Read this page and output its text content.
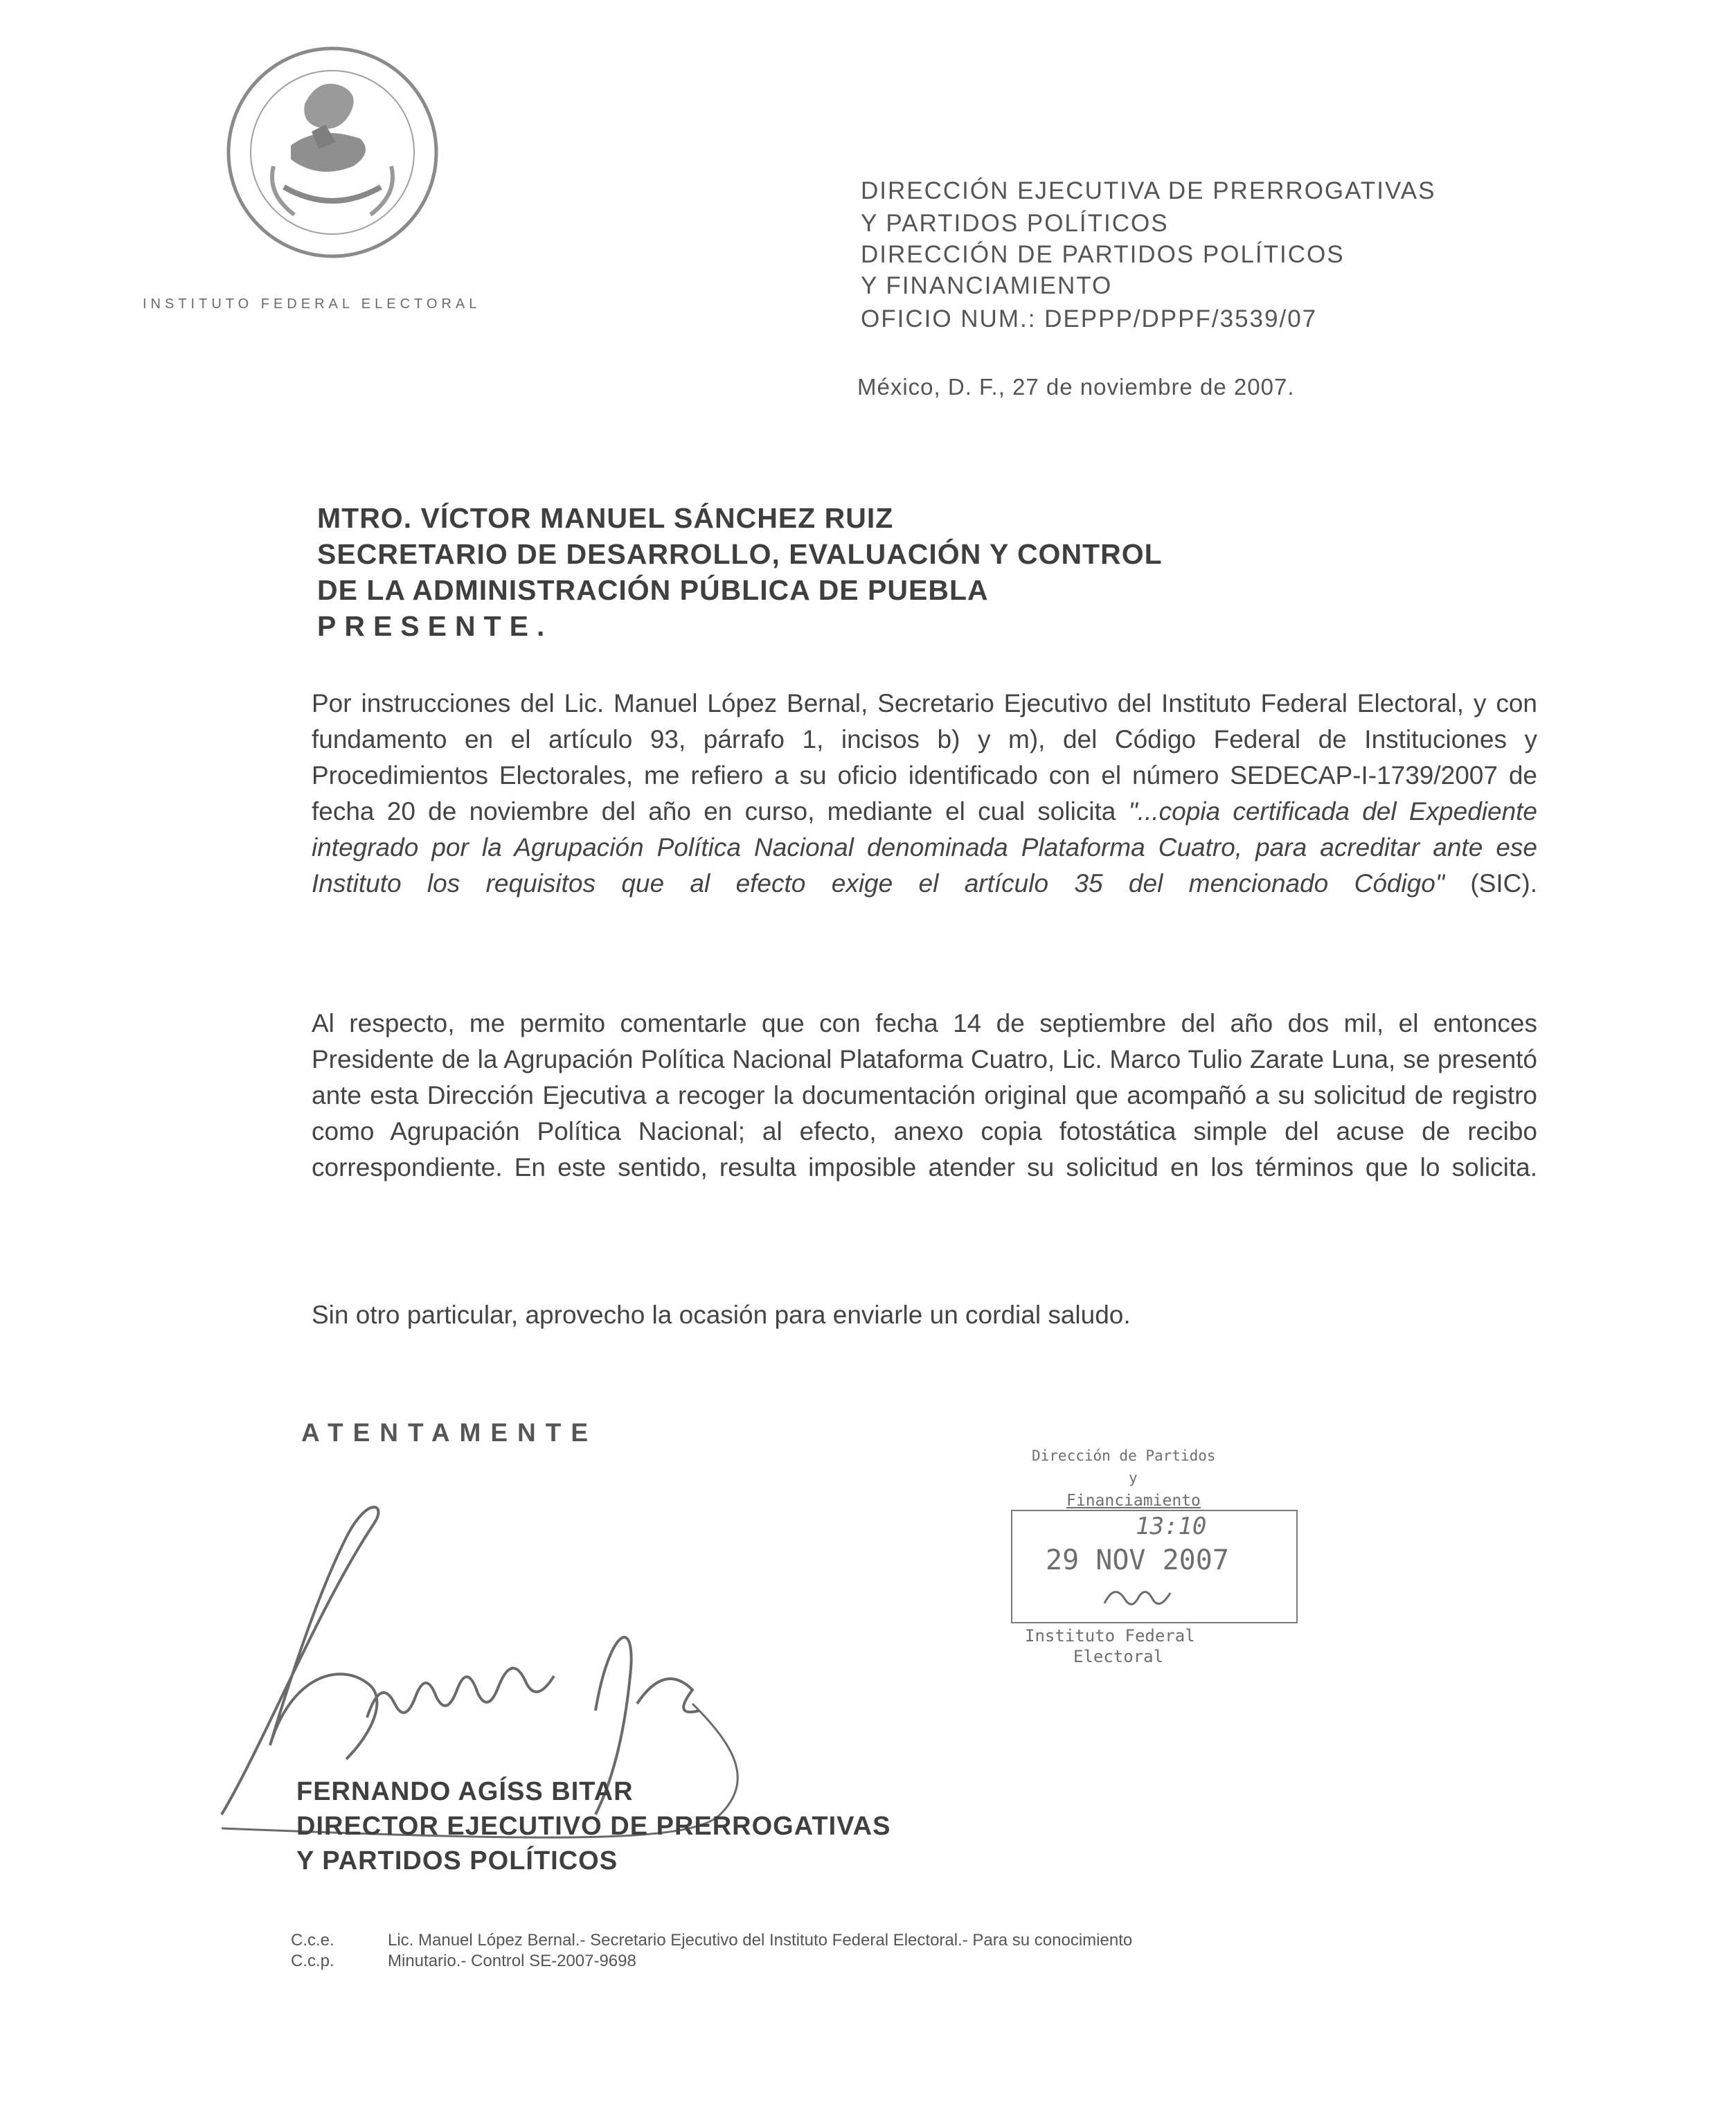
INSTITUTO FEDERAL ELECTORAL
DIRECCIÓN EJECUTIVA DE PRERROGATIVAS
Y PARTIDOS POLÍTICOS
DIRECCIÓN DE PARTIDOS POLÍTICOS
Y FINANCIAMIENTO
OFICIO NUM.: DEPPP/DPPF/3539/07
México, D. F., 27 de noviembre de 2007.
MTRO. VÍCTOR MANUEL SÁNCHEZ RUIZ
SECRETARIO DE DESARROLLO, EVALUACIÓN Y CONTROL
DE LA ADMINISTRACIÓN PÚBLICA DE PUEBLA
PRESENTE.
Por instrucciones del Lic. Manuel López Bernal, Secretario Ejecutivo del Instituto Federal Electoral, y con fundamento en el artículo 93, párrafo 1, incisos b) y m), del Código Federal de Instituciones y Procedimientos Electorales, me refiero a su oficio identificado con el número SEDECAP-I-1739/2007 de fecha 20 de noviembre del año en curso, mediante el cual solicita "...copia certificada del Expediente integrado por la Agrupación Política Nacional denominada Plataforma Cuatro, para acreditar ante ese Instituto los requisitos que al efecto exige el artículo 35 del mencionado Código" (SIC).
Al respecto, me permito comentarle que con fecha 14 de septiembre del año dos mil, el entonces Presidente de la Agrupación Política Nacional Plataforma Cuatro, Lic. Marco Tulio Zarate Luna, se presentó ante esta Dirección Ejecutiva a recoger la documentación original que acompañó a su solicitud de registro como Agrupación Política Nacional; al efecto, anexo copia fotostática simple del acuse de recibo correspondiente. En este sentido, resulta imposible atender su solicitud en los términos que lo solicita.
Sin otro particular, aprovecho la ocasión para enviarle un cordial saludo.
ATENTAMENTE
FERNANDO AGÍSS BITAR
DIRECTOR EJECUTIVO DE PRERROGATIVAS
Y PARTIDOS POLÍTICOS
Dirección de Partidos
y
Financiamiento
13:10
29 NOV 2007
Instituto Federal
Electoral
C.c.e.	Lic. Manuel López Bernal.- Secretario Ejecutivo del Instituto Federal Electoral.- Para su conocimiento
C.c.p.	Minutario.- Control SE-2007-9698
